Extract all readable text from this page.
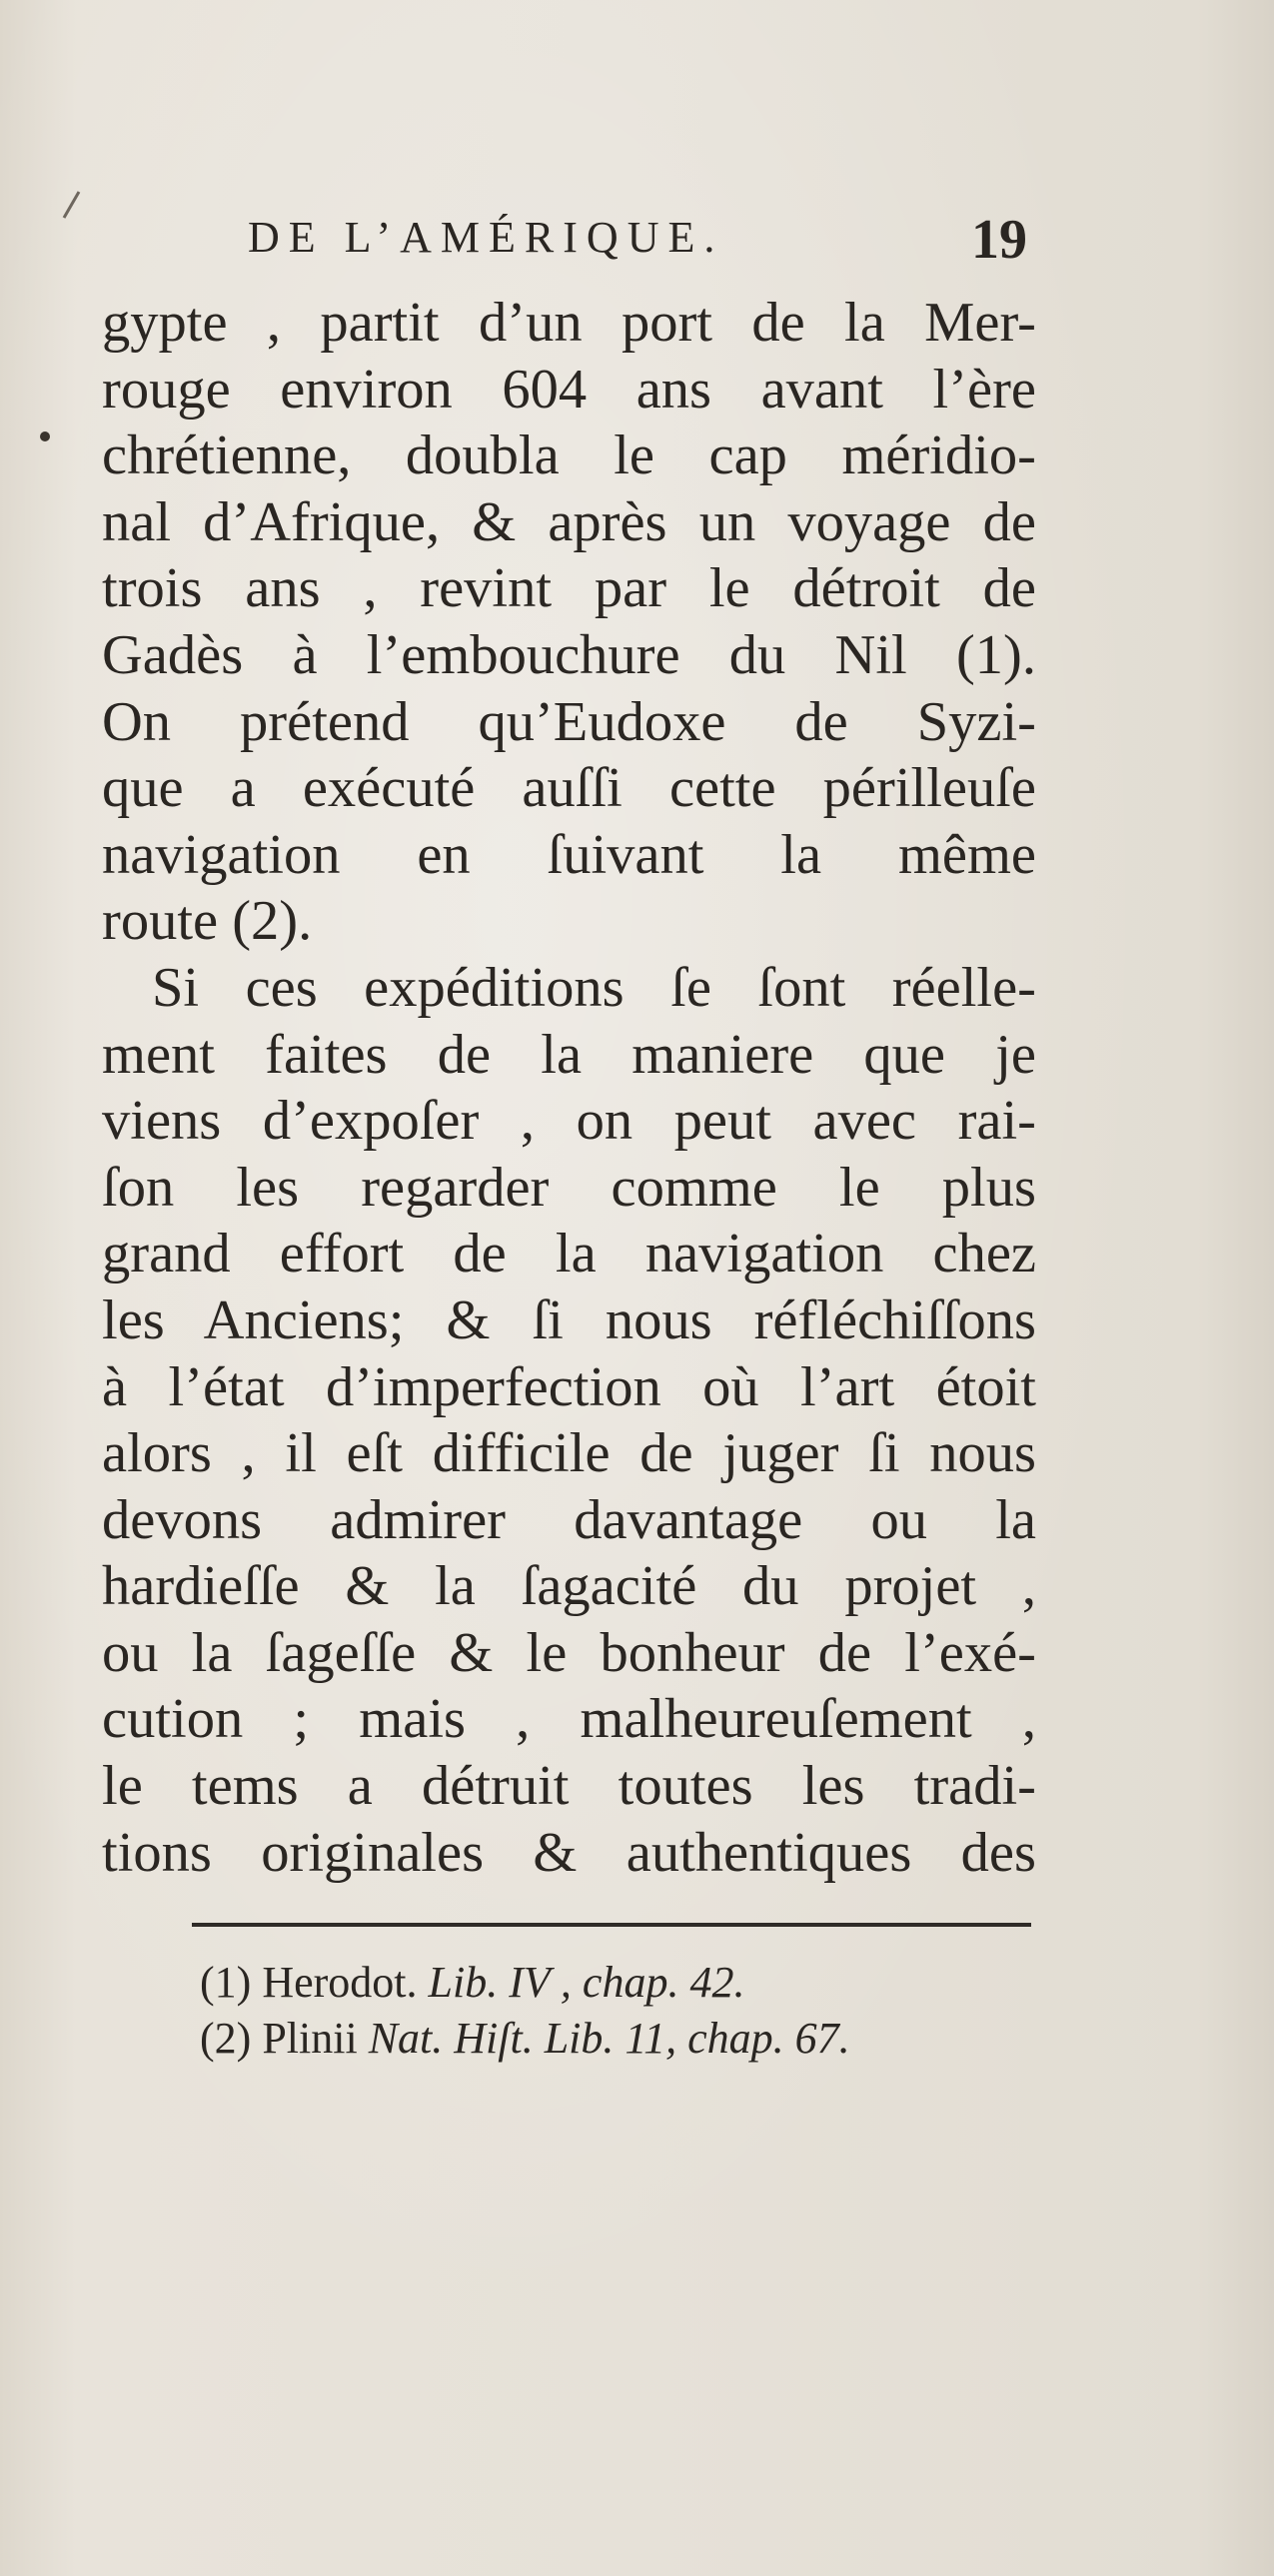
DE L’AMÉRIQUE.	19
gypte , partit d’un port de la Mer-
rouge environ 604 ans avant l’ère
chrétienne, doubla le cap méridio-
nal d’Afrique, & après un voyage de
trois ans , revint par le détroit de
Gadès à l’embouchure du Nil (1).
On prétend qu’Eudoxe de Syzi-
que a exécuté auſſi cette périlleuſe
navigation en ſuivant la même
route (2).
Si ces expéditions ſe ſont réelle-
ment faites de la maniere que je
viens d’expoſer , on peut avec rai-
ſon les regarder comme le plus
grand effort de la navigation chez
les Anciens; & ſi nous réfléchiſſons
à l’état d’imperfection où l’art étoit
alors , il eſt difficile de juger ſi nous
devons admirer davantage ou la
hardieſſe & la ſagacité du projet ,
ou la ſageſſe & le bonheur de l’exé-
cution ; mais , malheureuſement ,
le tems a détruit toutes les tradi-
tions originales & authentiques des
(1) Herodot. Lib. IV , chap. 42.
(2) Plinii Nat. Hiſt. Lib. 11, chap. 67.
